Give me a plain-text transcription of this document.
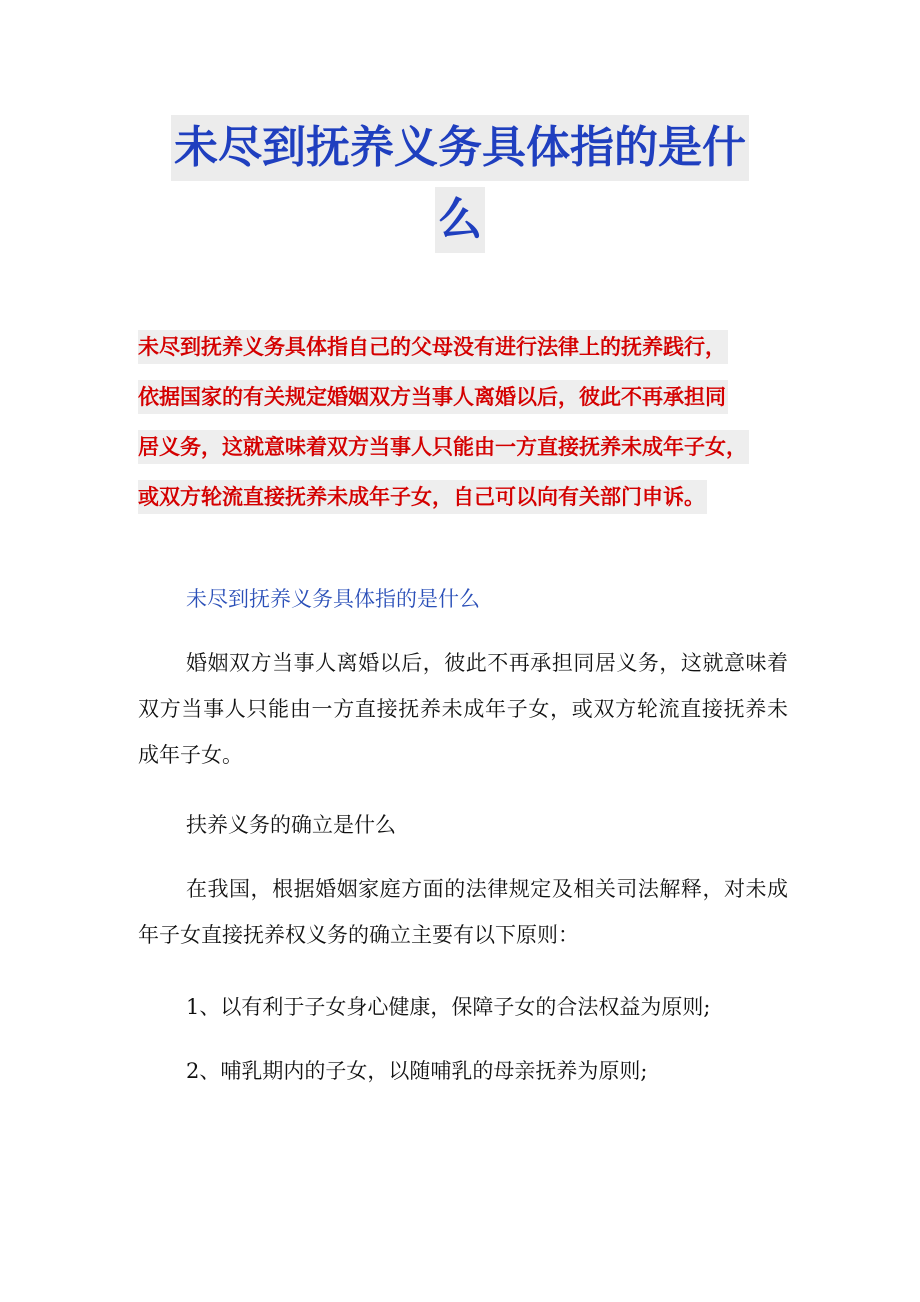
未尽到抚养义务具体指的是什
么
未尽到抚养义务具体指自己的父母没有进行法律上的抚养践行，
依据国家的有关规定婚姻双方当事人离婚以后，彼此不再承担同
居义务，这就意味着双方当事人只能由一方直接抚养未成年子女，
或双方轮流直接抚养未成年子女，自己可以向有关部门申诉。

未尽到抚养义务具体指的是什么

婚姻双方当事人离婚以后，彼此不再承担同居义务，这就意味着双方当事人只能由一方直接抚养未成年子女，或双方轮流直接抚养未成年子女。

扶养义务的确立是什么

在我国，根据婚姻家庭方面的法律规定及相关司法解释，对未成年子女直接抚养权义务的确立主要有以下原则：

1、以有利于子女身心健康，保障子女的合法权益为原则;

2、哺乳期内的子女，以随哺乳的母亲抚养为原则;
